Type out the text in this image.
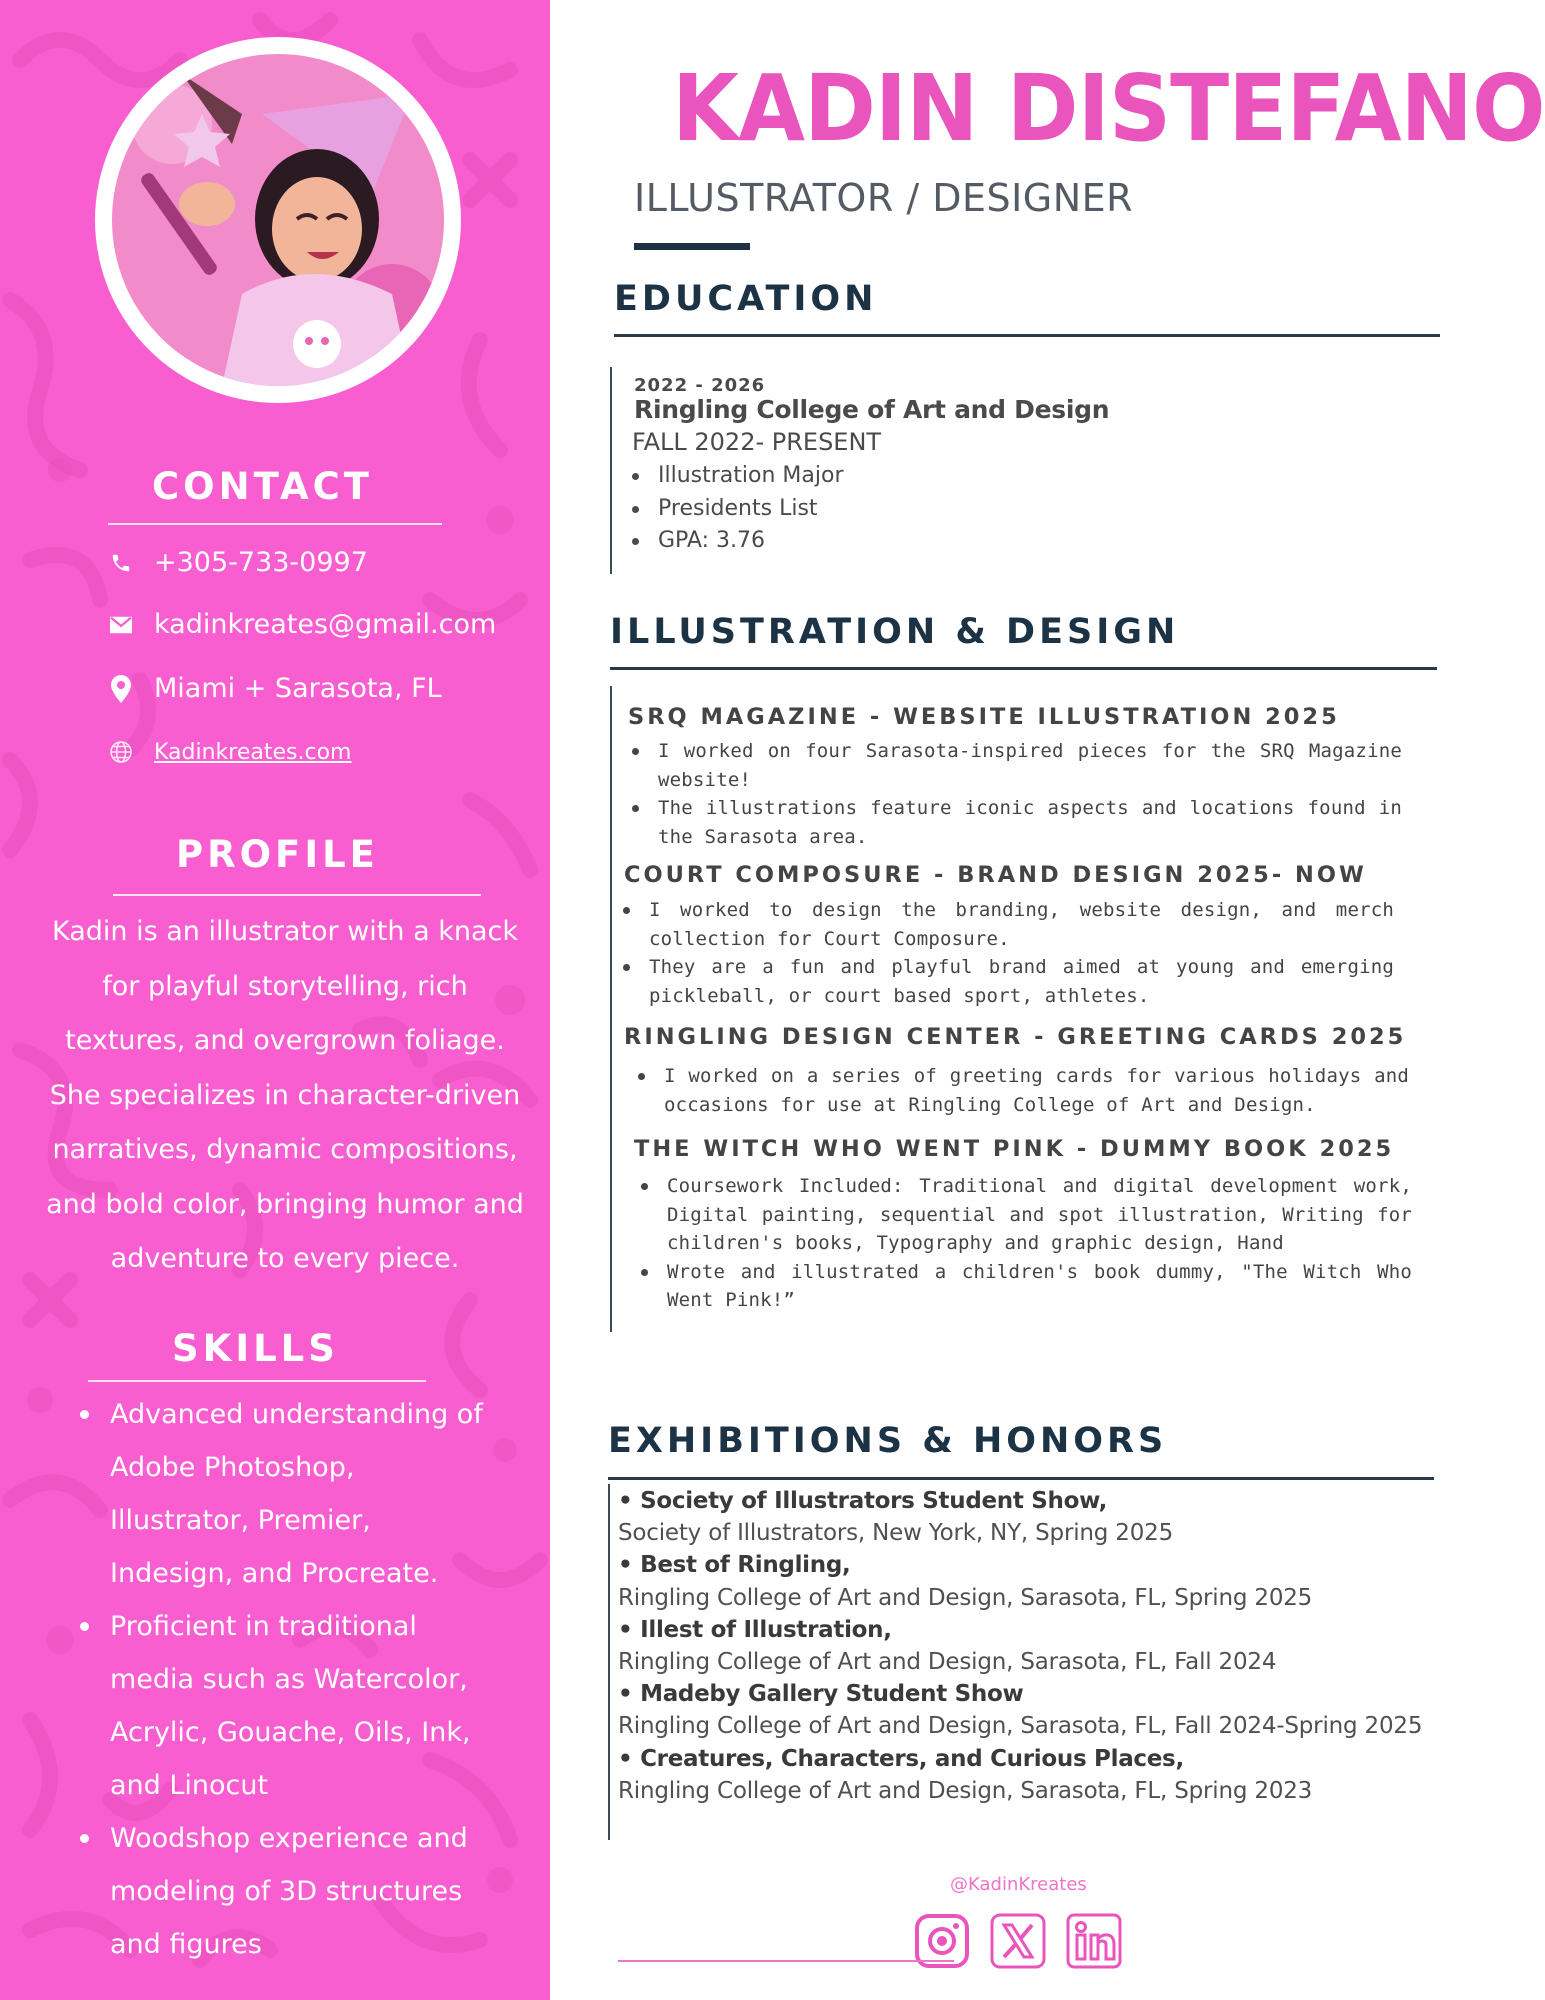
CONTACT
+305-733-0997
kadinkreates@gmail.com
Miami + Sarasota, FL
Kadinkreates.com
PROFILE
Kadin is an illustrator with a knack
for playful storytelling, rich
textures, and overgrown foliage.
She specializes in character-driven
narratives, dynamic compositions,
and bold color, bringing humor and
adventure to every piece.
SKILLS
Advanced understanding of
Adobe Photoshop,
Illustrator, Premier,
Indesign, and Procreate.
Proficient in traditional
media such as Watercolor,
Acrylic, Gouache, Oils, Ink,
and Linocut
Woodshop experience and
modeling of 3D structures
and figures
KADIN DISTEFANO
ILLUSTRATOR / DESIGNER
EDUCATION
2022 - 2026
Ringling College of Art and Design
FALL 2022- PRESENT
Illustration Major
Presidents List
GPA: 3.76
ILLUSTRATION & DESIGN
SRQ MAGAZINE - WEBSITE ILLUSTRATION 2025
I worked on four Sarasota-inspired pieces for the SRQ Magazine website!
The illustrations feature iconic aspects and locations found in the Sarasota area.
COURT COMPOSURE - BRAND DESIGN 2025- NOW
I worked to design the branding, website design, and merch collection for Court Composure.
They are a fun and playful brand aimed at young and emerging pickleball, or court based sport, athletes.
RINGLING DESIGN CENTER - GREETING CARDS 2025
I worked on a series of greeting cards for various holidays and occasions for use at Ringling College of Art and Design.
THE WITCH WHO WENT PINK - DUMMY BOOK 2025
Coursework Included: Traditional and digital development work, Digital painting, sequential and spot illustration, Writing for children's books, Typography and graphic design, Hand
Wrote and illustrated a children's book dummy, "The Witch Who Went Pink!”
EXHIBITIONS & HONORS
• Society of Illustrators Student Show,
Society of Illustrators, New York, NY, Spring 2025
• Best of Ringling,
Ringling College of Art and Design, Sarasota, FL, Spring 2025
• Illest of Illustration,
Ringling College of Art and Design, Sarasota, FL, Fall 2024
• Madeby Gallery Student Show
Ringling College of Art and Design, Sarasota, FL, Fall 2024-Spring 2025
• Creatures, Characters, and Curious Places,
Ringling College of Art and Design, Sarasota, FL, Spring 2023
@KadinKreates
